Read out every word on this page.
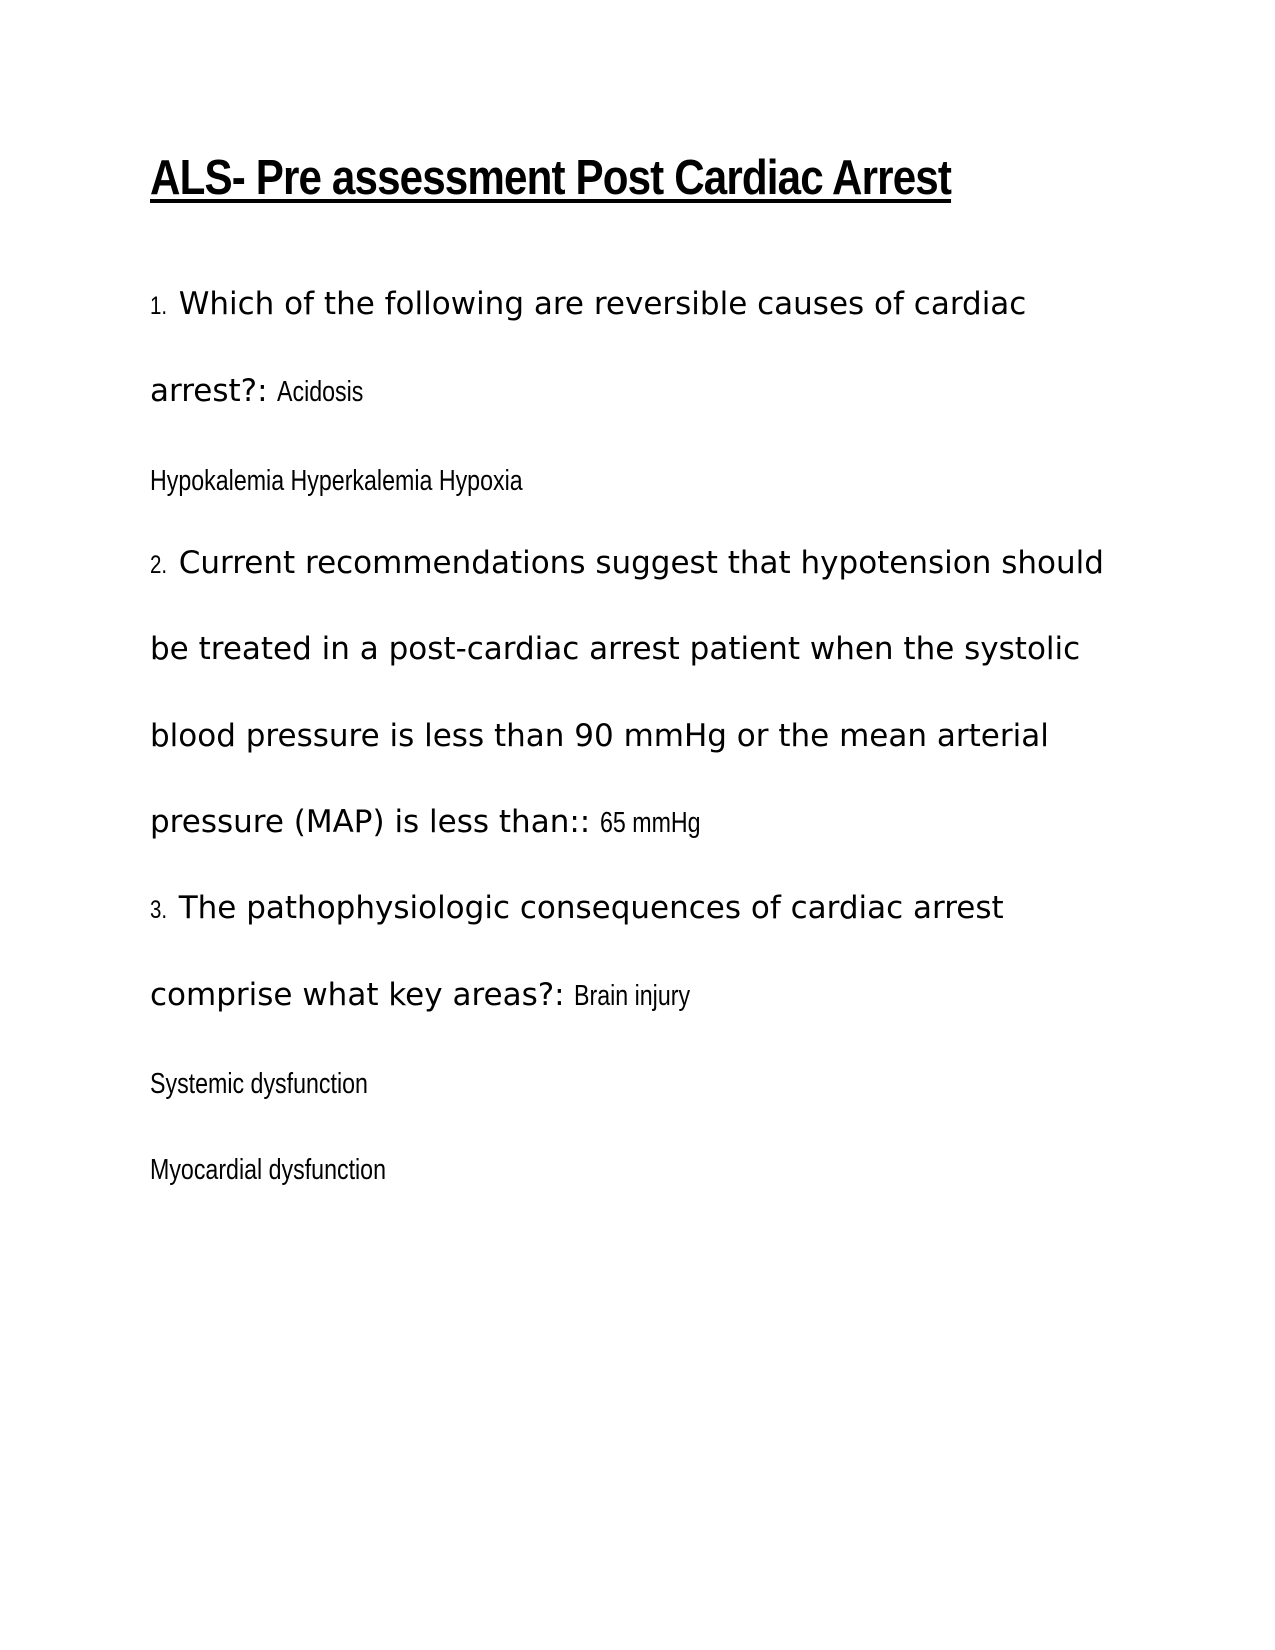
ALS- Pre assessment Post Cardiac Arrest

1. Which of the following are reversible causes of cardiac

arrest?: Acidosis

Hypokalemia Hyperkalemia Hypoxia

2. Current recommendations suggest that hypotension should

be treated in a post-cardiac arrest patient when the systolic

blood pressure is less than 90 mmHg or the mean arterial

pressure (MAP) is less than:: 65 mmHg

3. The pathophysiologic consequences of cardiac arrest

comprise what key areas?: Brain injury

Systemic dysfunction

Myocardial dysfunction
